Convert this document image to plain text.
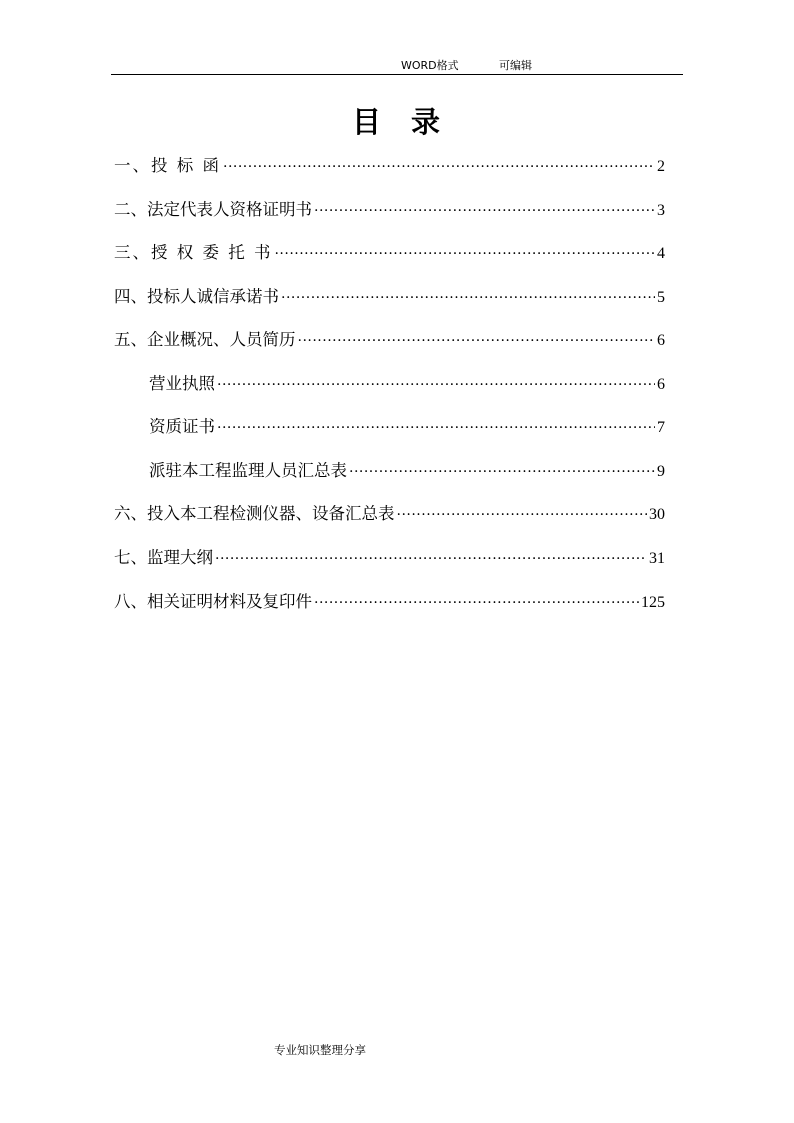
WORD格式	可编辑
目录
一、投 标 函 .....	2
二、法定代表人资格证明书 .....	3
三、授 权 委 托 书 .....	4
四、投标人诚信承诺书 .....	5
五、企业概况、人员简历 .....	6
营业执照 .....	6
资质证书 .....	7
派驻本工程监理人员汇总表 .....	9
六、投入本工程检测仪器、设备汇总表 .....	30
七、监理大纲 .....	31
八、相关证明材料及复印件 .....	125
专业知识整理分享
